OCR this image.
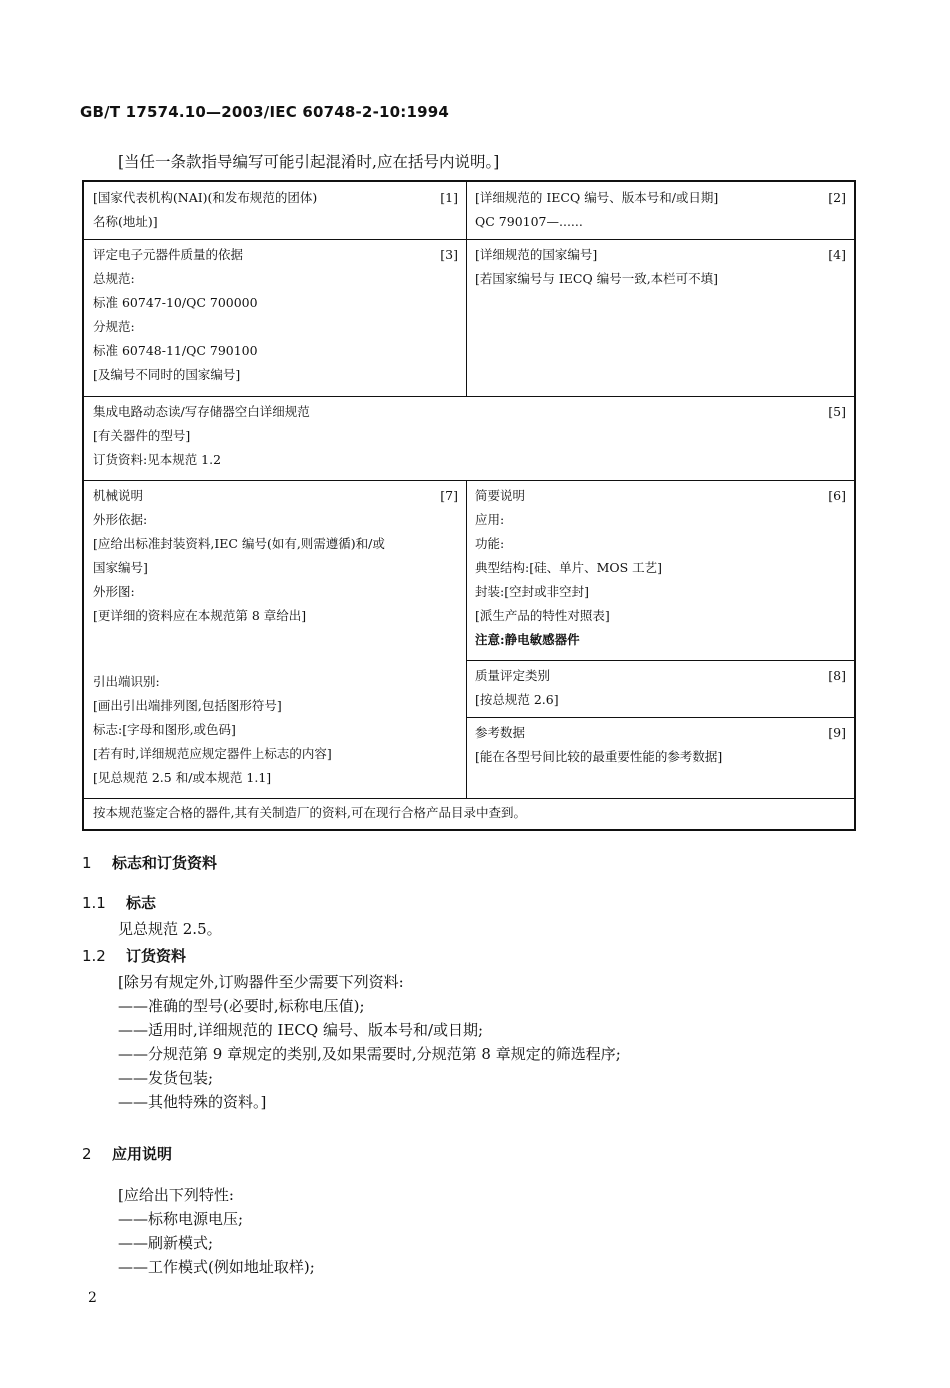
GB/T 17574.10—2003/IEC 60748-2-10:1994
[当任一条款指导编写可能引起混淆时,应在括号内说明。]
[国家代表机构(NAI)(和发布规范的团体)
名称(地址)]
[1] [详细规范的 IECQ 编号、版本号和/或日期]
QC 790107—......
[2]
评定电子元器件质量的依据
总规范:
标准 60747-10/QC 700000
分规范:
标准 60748-11/QC 790100
[及编号不同时的国家编号]
[3] [详细规范的国家编号]
[若国家编号与 IECQ 编号一致,本栏可不填]
[4]
集成电路动态读/写存储器空白详细规范
[有关器件的型号]
订货资料:见本规范 1.2
[5]
机械说明
外形依据:
[应给出标准封装资料,IEC 编号(如有,则需遵循)和/或
国家编号]
外形图:
[更详细的资料应在本规范第 8 章给出]
[7]
引出端识别:
[画出引出端排列图,包括图形符号]
标志:[字母和图形,或色码]
[若有时,详细规范应规定器件上标志的内容]
[见总规范 2.5 和/或本规范 1.1]
简要说明
应用:
功能:
典型结构:[硅、单片、MOS 工艺]
封装:[空封或非空封]
[派生产品的特性对照表]
注意:静电敏感器件
[6]
质量评定类别
[按总规范 2.6]
[8]
参考数据
[能在各型号间比较的最重要性能的参考数据]
[9]
按本规范鉴定合格的器件,其有关制造厂的资料,可在现行合格产品目录中查到。
1 标志和订货资料
1.1 标志
见总规范 2.5。
1.2 订货资料
[除另有规定外,订购器件至少需要下列资料:
——准确的型号(必要时,标称电压值);
——适用时,详细规范的 IECQ 编号、版本号和/或日期;
——分规范第 9 章规定的类别,及如果需要时,分规范第 8 章规定的筛选程序;
——发货包装;
——其他特殊的资料。]
2 应用说明
[应给出下列特性:
——标称电源电压;
——刷新模式;
——工作模式(例如地址取样);
2
